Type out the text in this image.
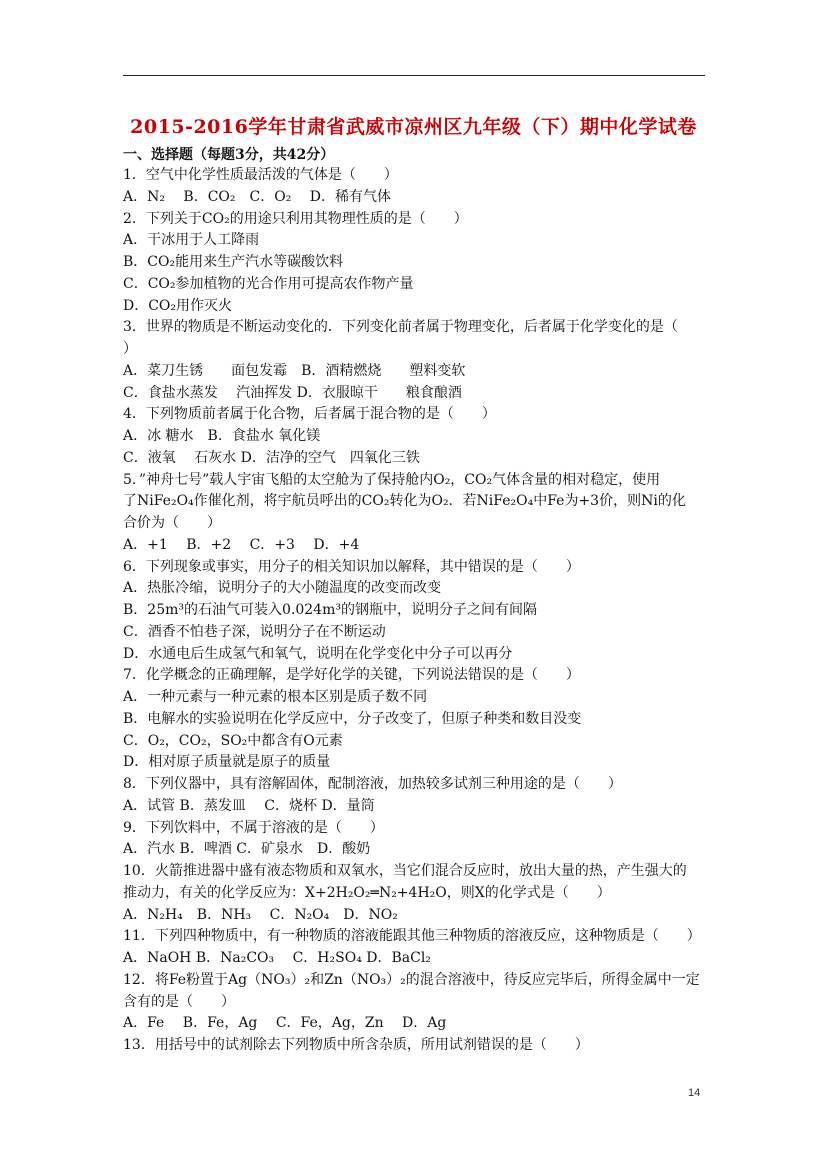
2015-2016学年甘肃省武威市凉州区九年级（下）期中化学试卷
一、选择题（每题3分，共42分）
1．空气中化学性质最活泼的气体是（　　）
A．N₂　 B．CO₂　C．O₂　 D．稀有气体
2．下列关于CO₂的用途只利用其物理性质的是（　　）
A．干冰用于人工降雨
B．CO₂能用来生产汽水等碳酸饮料
C．CO₂参加植物的光合作用可提高农作物产量
D．CO₂用作灭火
3．世界的物质是不断运动变化的．下列变化前者属于物理变化，后者属于化学变化的是（
）
A．菜刀生锈　　面包发霉　B．酒精燃烧　　塑料变软
C．食盐水蒸发　 汽油挥发 D．衣服晾干　　粮食酿酒
4．下列物质前者属于化合物，后者属于混合物的是（　　）
A．冰 糖水　B．食盐水 氧化镁
C．液氧　 石灰水 D．洁净的空气　四氧化三铁
5．”神舟七号”载人宇宙飞船的太空舱为了保持舱内O₂，CO₂气体含量的相对稳定，使用
了NiFe₂O₄作催化剂，将宇航员呼出的CO₂转化为O₂．若NiFe₂O₄中Fe为+3价，则Ni的化
合价为（　　）
A．+1　 B．+2　 C．+3　 D．+4
6．下列现象或事实，用分子的相关知识加以解释，其中错误的是（　　）
A．热胀冷缩，说明分子的大小随温度的改变而改变
B．25m³的石油气可装入0.024m³的钢瓶中，说明分子之间有间隔
C．酒香不怕巷子深，说明分子在不断运动
D．水通电后生成氢气和氧气，说明在化学变化中分子可以再分
7．化学概念的正确理解，是学好化学的关键，下列说法错误的是（　　）
A．一种元素与一种元素的根本区别是质子数不同
B．电解水的实验说明在化学反应中，分子改变了，但原子种类和数目没变
C．O₂，CO₂，SO₂中都含有O元素
D．相对原子质量就是原子的质量
8．下列仪器中，具有溶解固体，配制溶液，加热较多试剂三种用途的是（　　）
A．试管 B．蒸发皿　 C．烧杯 D．量筒
9．下列饮料中，不属于溶液的是（　　）
A．汽水 B．啤酒 C．矿泉水　D．酸奶
10．火箭推进器中盛有液态物质和双氧水，当它们混合反应时，放出大量的热，产生强大的
推动力，有关的化学反应为：X+2H₂O₂═N₂+4H₂O，则X的化学式是（　　）
A．N₂H₄　B．NH₃　 C．N₂O₄　D．NO₂
11．下列四种物质中，有一种物质的溶液能跟其他三种物质的溶液反应，这种物质是（　　）
A．NaOH B．Na₂CO₃　 C．H₂SO₄ D．BaCl₂
12．将Fe粉置于Ag（NO₃）₂和Zn（NO₃）₂的混合溶液中，待反应完毕后，所得金属中一定
含有的是（　　）
A．Fe　 B．Fe，Ag　 C．Fe，Ag，Zn　 D．Ag
13．用括号中的试剂除去下列物质中所含杂质，所用试剂错误的是（　　）
14
